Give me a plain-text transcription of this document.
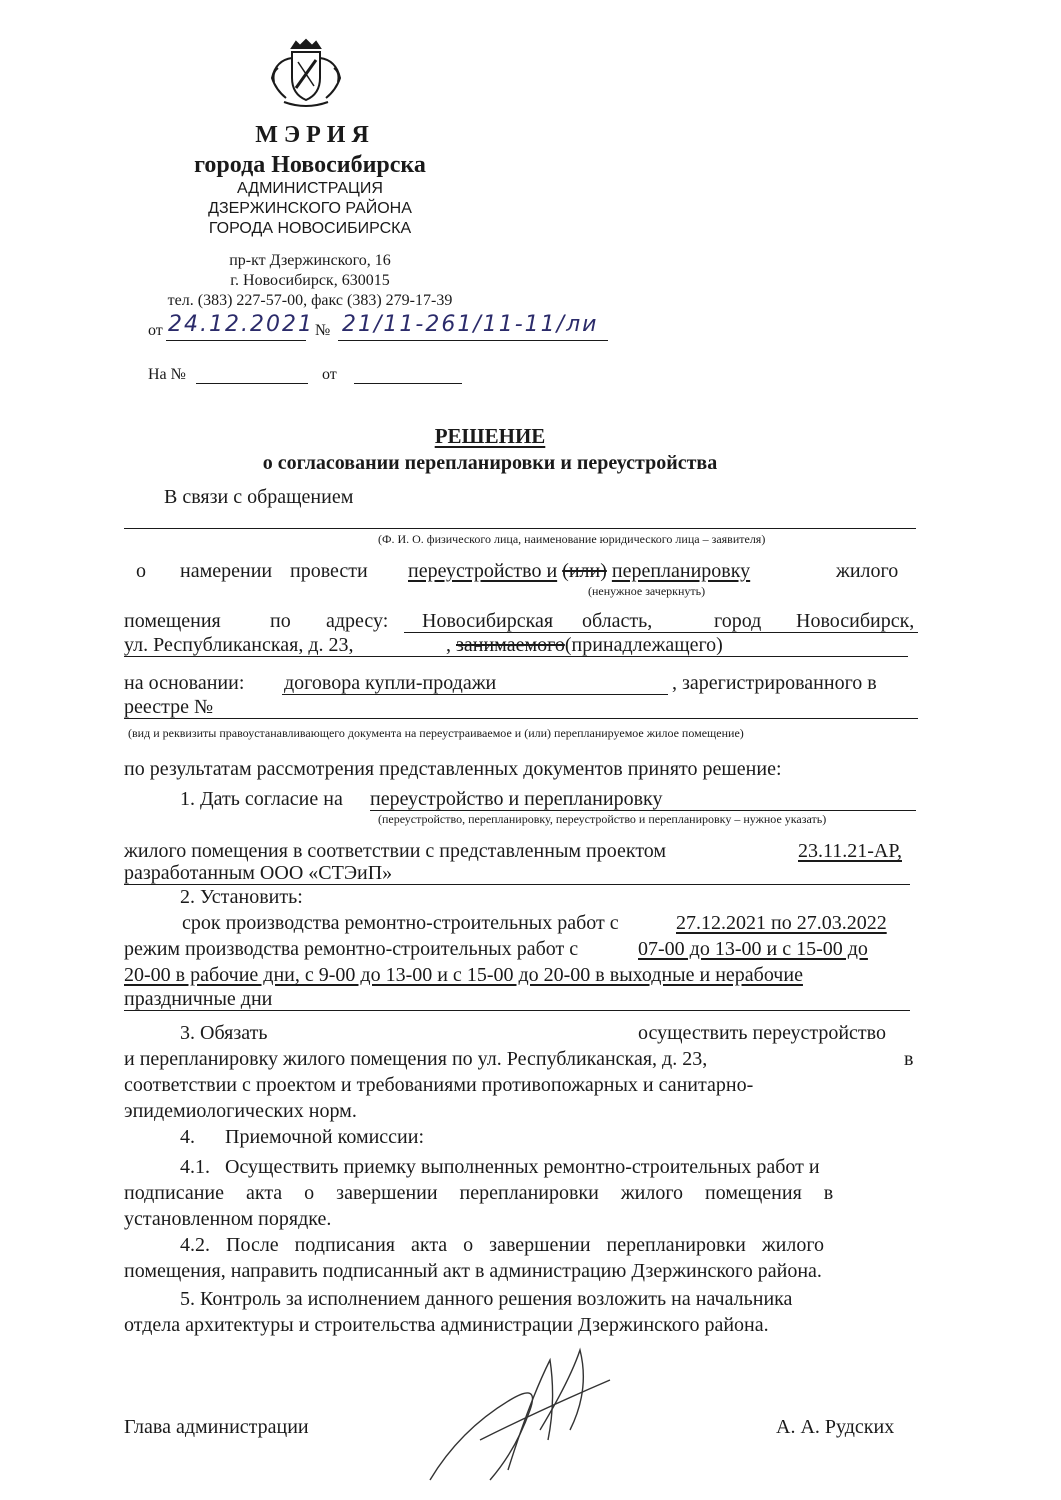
МЭРИЯ
города Новосибирска
АДМИНИСТРАЦИЯ
ДЗЕРЖИНСКОГО РАЙОНА
ГОРОДА НОВОСИБИРСКА
пр-кт Дзержинского, 16
г. Новосибирск, 630015
тел. (383) 227-57-00, факс (383) 279-17-39
от 24.12.2021 № 21/11-261/11-11/ли
На №	от
РЕШЕНИЕ
о согласовании перепланировки и переустройства
В связи с обращением
(Ф. И. О. физического лица, наименование юридического лица – заявителя)
о намерении провести переустройство и (или) перепланировку	жилого
(ненужное зачеркнуть)
помещения по адресу: Новосибирская область,	город Новосибирск,
ул. Республиканская, д. 23,	, занимаемого(принадлежащего)
на основании: договора купли-продажи	, зарегистрированного в
реестре №
(вид и реквизиты правоустанавливающего документа на переустраиваемое и (или) перепланируемое жилое помещение)
по результатам рассмотрения представленных документов принято решение:
1. Дать согласие на переустройство и перепланировку
(переустройство, перепланировку, переустройство и перепланировку – нужное указать)
жилого помещения в соответствии с представленным проектом	23.11.21-АР,
разработанным ООО «СТЭиП»
2. Установить:
срок производства ремонтно-строительных работ с	27.12.2021 по 27.03.2022
режим производства ремонтно-строительных работ с	07-00 до 13-00 и с 15-00 до
20-00 в рабочие дни, с 9-00 до 13-00 и с 15-00 до 20-00 в выходные и нерабочие
праздничные дни
3. Обязать	осуществить переустройство
и перепланировку жилого помещения по ул. Республиканская, д. 23,	в
соответствии с проектом и требованиями противопожарных и санитарно-
эпидемиологических норм.
4.      Приемочной комиссии:
4.1.   Осуществить приемку выполненных ремонтно-строительных работ и
подписание  акта  о  завершении  перепланировки  жилого  помещения  в
установленном порядке.
4.2.  После  подписания  акта  о  завершении  перепланировки  жилого
помещения, направить подписанный акт в администрацию Дзержинского района.
5. Контроль за исполнением данного решения возложить на начальника
отдела архитектуры и строительства администрации Дзержинского района.
Глава администрации	А. А. Рудских
